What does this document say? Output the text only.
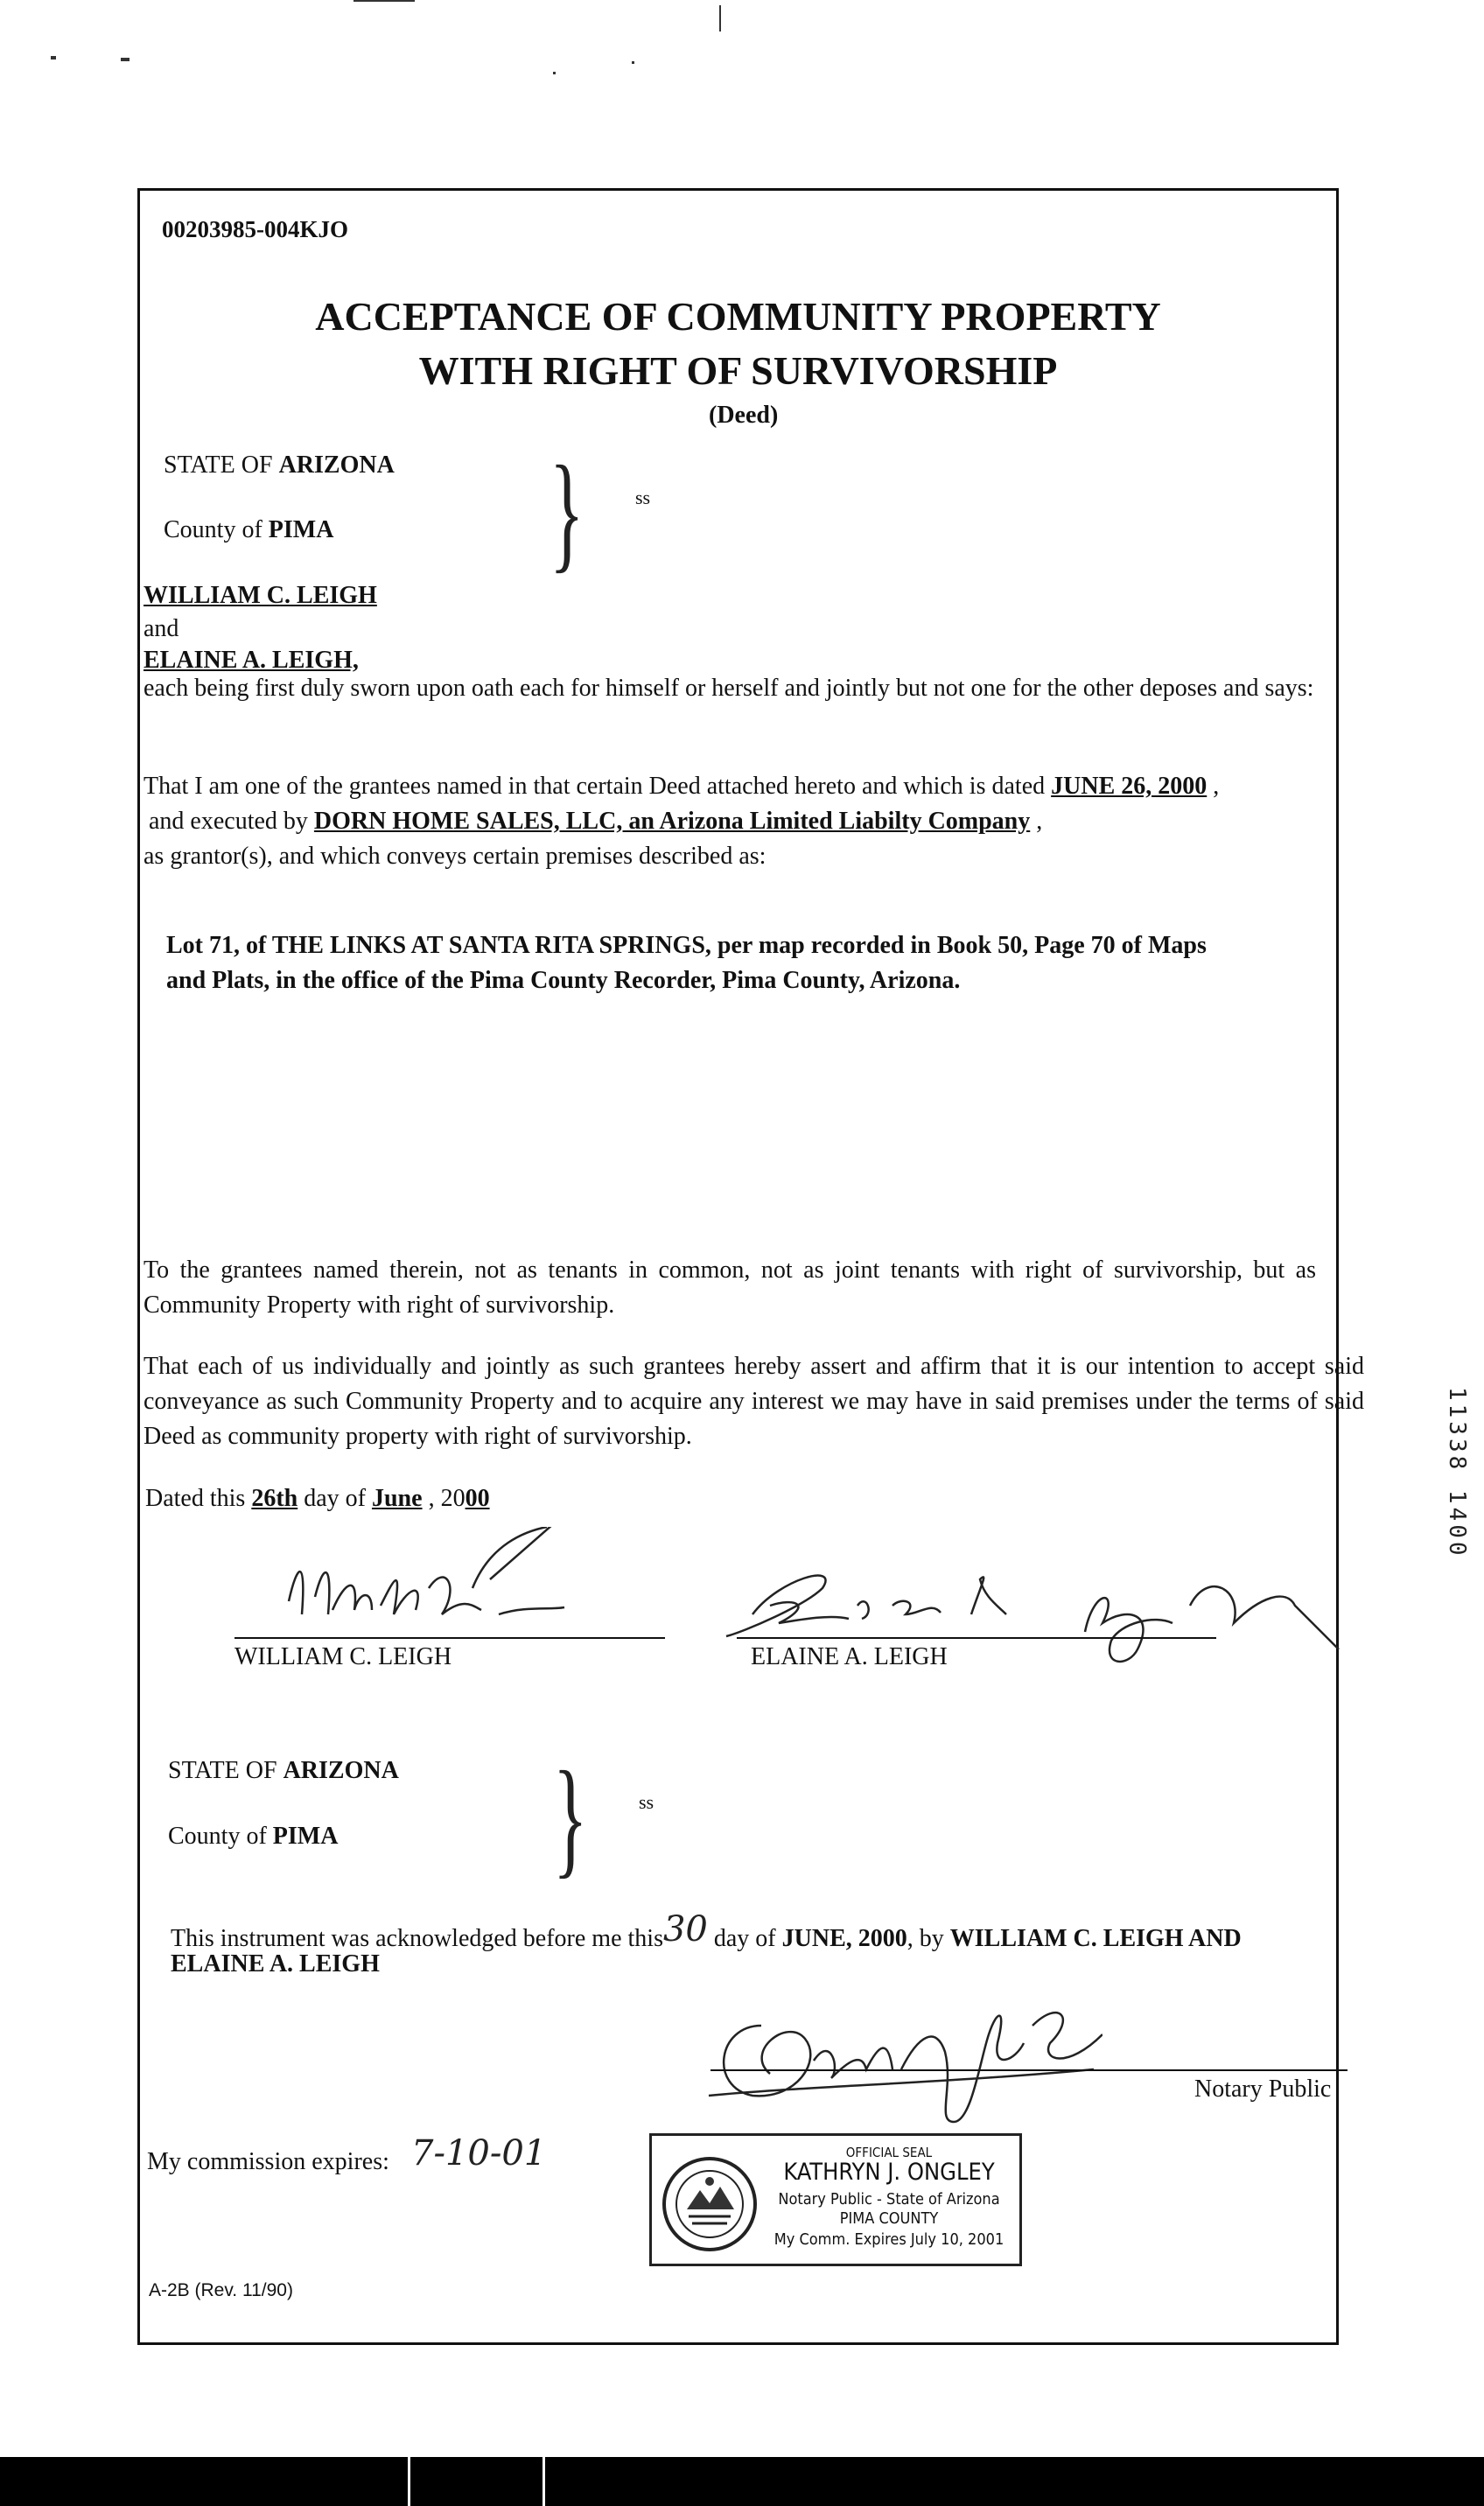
00203985-004KJO
ACCEPTANCE OF COMMUNITY PROPERTY
WITH RIGHT OF SURVIVORSHIP
(Deed)
STATE OF ARIZONA
County of PIMA }	ss
WILLIAM C. LEIGH
and
ELAINE A. LEIGH,
each being first duly sworn upon oath each for himself or herself and jointly but not one for the other deposes and says:
That I am one of the grantees named in that certain Deed attached hereto and which is dated JUNE 26, 2000 ,
and executed by DORN HOME SALES, LLC, an Arizona Limited Liabilty Company ,
as grantor(s), and which conveys certain premises described as:
Lot 71, of THE LINKS AT SANTA RITA SPRINGS, per map recorded in Book 50, Page 70 of Maps
and Plats, in the office of the Pima County Recorder, Pima County, Arizona.
To the grantees named therein, not as tenants in common, not as joint tenants with right of survivorship, but as Community Property with right of survivorship.
That each of us individually and jointly as such grantees hereby assert and affirm that it is our intention to accept said conveyance as such Community Property and to acquire any interest we may have in said premises under the terms of said Deed as community property with right of survivorship.
Dated this 26th day of June , 2000
WILLIAM C. LEIGH	ELAINE A. LEIGH
STATE OF ARIZONA
County of PIMA }	ss
This instrument was acknowledged before me this30 day of JUNE, 2000, by WILLIAM C. LEIGH AND
ELAINE A. LEIGH
Notary Public
My commission expires: 7-10-01	OFFICIAL SEAL
KATHRYN J. ONGLEY
Notary Public - State of Arizona
PIMA COUNTY
My Comm. Expires July 10, 2001
A-2B (Rev. 11/90)
11338 1400
